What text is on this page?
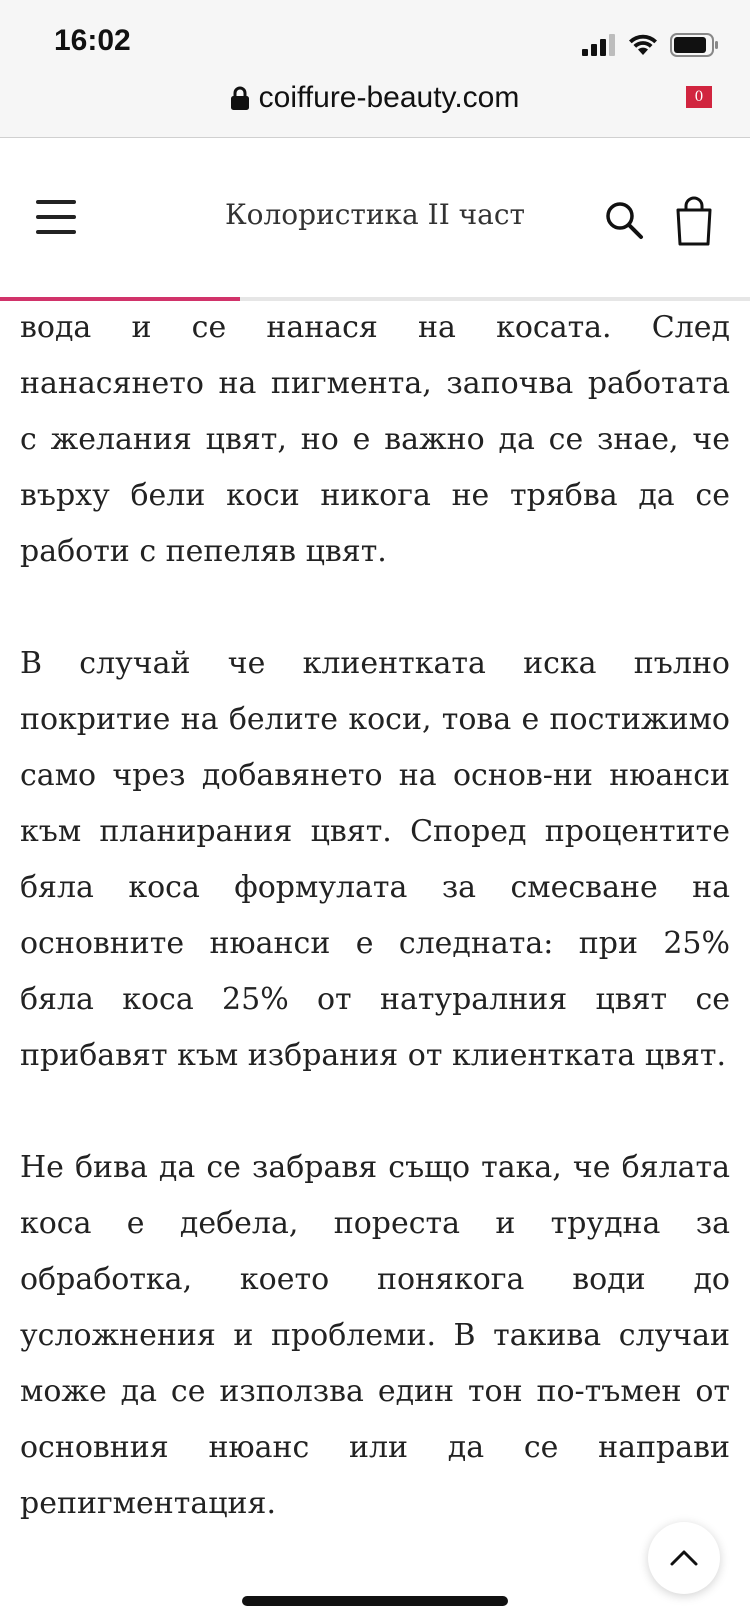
16:02
coiffure-beauty.com
Колористика II част
0

вода и се нанася на косата. След нанасянето на пигмента, започва работата с желания цвят, но е важно да се знае, че върху бели коси никога не трябва да се работи с пепеляв цвят.

В случай че клиентката иска пълно покритие на белите коси, това е постижимо само чрез добавянето на основ-ни нюанси към планирания цвят. Според процентите бяла коса формулата за смесване на основните нюанси е следната: при 25% бяла коса 25% от натуралния цвят се прибавят към избрания от клиентката цвят.

Не бива да се забравя също така, че бялата коса е дебела, пореста и трудна за обработка, което понякога води до усложнения и проблеми. В такива случаи може да се използва един тон по-тъмен от основния нюанс или да се направи репигментация.
